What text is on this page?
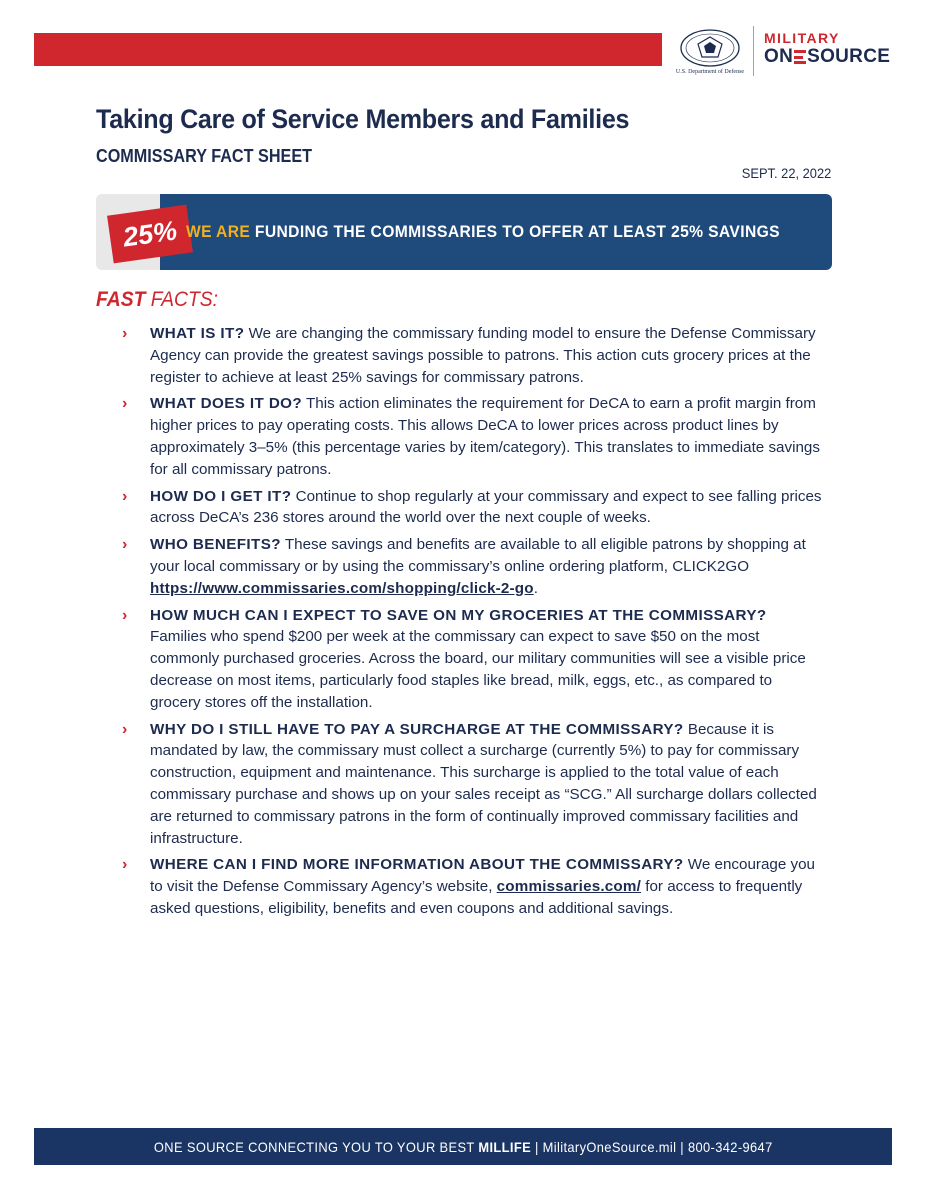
U.S. Department of Defense
MILITARY
ON SOURCE
Taking Care of Service Members and Families
COMMISSARY FACT SHEET
SEPT. 22, 2022
25% WE ARE FUNDING THE COMMISSARIES TO OFFER AT LEAST 25% SAVINGS
FAST FACTS:
› WHAT IS IT? We are changing the commissary funding model to ensure the Defense Commissary Agency can provide the greatest savings possible to patrons. This action cuts grocery prices at the register to achieve at least 25% savings for commissary patrons.
› WHAT DOES IT DO? This action eliminates the requirement for DeCA to earn a profit margin from higher prices to pay operating costs. This allows DeCA to lower prices across product lines by approximately 3–5% (this percentage varies by item/category). This translates to immediate savings for all commissary patrons.
› HOW DO I GET IT? Continue to shop regularly at your commissary and expect to see falling prices across DeCA’s 236 stores around the world over the next couple of weeks.
› WHO BENEFITS? These savings and benefits are available to all eligible patrons by shopping at your local commissary or by using the commissary’s online ordering platform, CLICK2GO https://www.commissaries.com/shopping/click-2-go.
› HOW MUCH CAN I EXPECT TO SAVE ON MY GROCERIES AT THE COMMISSARY?
Families who spend $200 per week at the commissary can expect to save $50 on the most commonly purchased groceries. Across the board, our military communities will see a visible price decrease on most items, particularly food staples like bread, milk, eggs, etc., as compared to grocery stores off the installation.
› WHY DO I STILL HAVE TO PAY A SURCHARGE AT THE COMMISSARY? Because it is mandated by law, the commissary must collect a surcharge (currently 5%) to pay for commissary construction, equipment and maintenance. This surcharge is applied to the total value of each commissary purchase and shows up on your sales receipt as “SCG.” All surcharge dollars collected are returned to commissary patrons in the form of continually improved commissary facilities and infrastructure.
› WHERE CAN I FIND MORE INFORMATION ABOUT THE COMMISSARY? We encourage you to visit the Defense Commissary Agency’s website, commissaries.com/ for access to frequently asked questions, eligibility, benefits and even coupons and additional savings.
ONE SOURCE CONNECTING YOU TO YOUR BEST MILLIFE | MilitaryOneSource.mil | 800-342-9647
